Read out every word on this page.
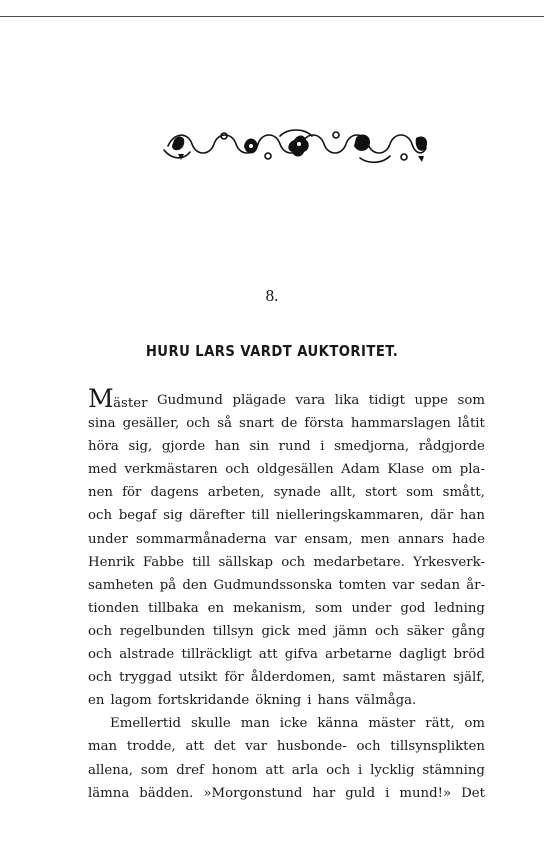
8.
HURU LARS VARDT AUKTORITET.
Mäster Gudmund plägade vara lika tidigt uppe som
sina gesäller, och så snart de första hammarslagen låtit
höra sig, gjorde han sin rund i smedjorna, rådgjorde
med verkmästaren och oldgesällen Adam Klase om pla-
nen för dagens arbeten, synade allt, stort som smått,
och begaf sig därefter till nielleringskammaren, där han
under sommarmånaderna var ensam, men annars hade
Henrik Fabbe till sällskap och medarbetare. Yrkesverk-
samheten på den Gudmundssonska tomten var sedan år-
tionden tillbaka en mekanism, som under god ledning
och regelbunden tillsyn gick med jämn och säker gång
och alstrade tillräckligt att gifva arbetarne dagligt bröd
och tryggad utsikt för ålderdomen, samt mästaren själf,
en lagom fortskridande ökning i hans välmåga.
Emellertid skulle man icke känna mäster rätt, om
man trodde, att det var husbonde- och tillsynsplikten
allena, som dref honom att arla och i lycklig stämning
lämna bädden. »Morgonstund har guld i mund!» Det
